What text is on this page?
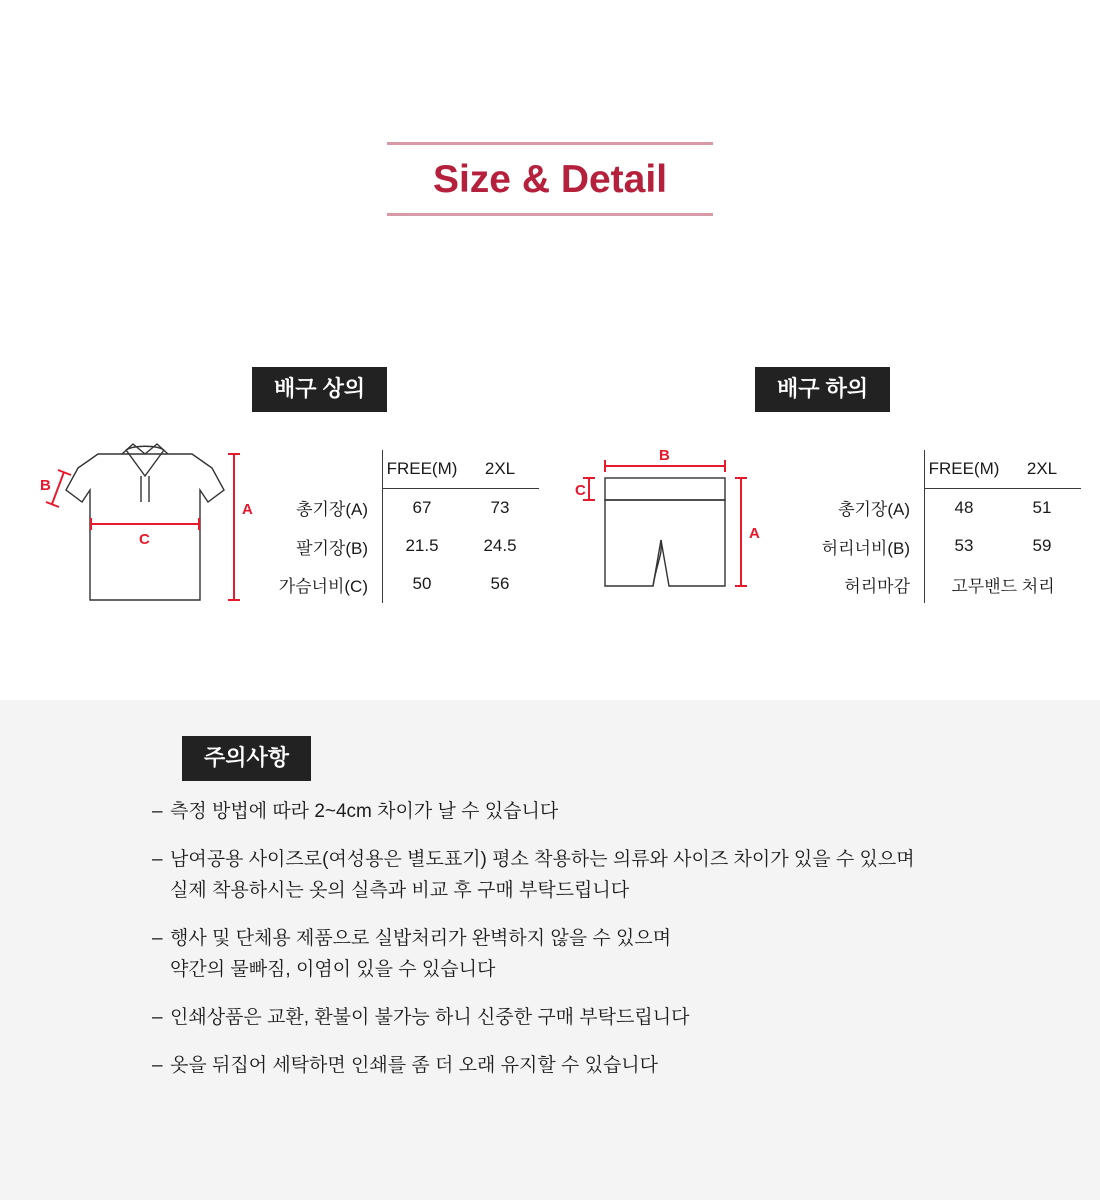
Size & Detail
배구 상의
A
B
C
	FREE(M)	2XL
총기장(A)	67	73
팔기장(B)	21.5	24.5
가슴너비(C)	50	56
배구 하의
B
C
A
	FREE(M)	2XL
총기장(A)	48	51
허리너비(B)	53	59
허리마감	고무밴드 처리	
주의사항
– 측정 방법에 따라 2~4cm 차이가 날 수 있습니다
– 남여공용 사이즈로(여성용은 별도표기) 평소 착용하는 의류와 사이즈 차이가 있을 수 있으며
실제 착용하시는 옷의 실측과 비교 후 구매 부탁드립니다
– 행사 및 단체용 제품으로 실밥처리가 완벽하지 않을 수 있으며
약간의 물빠짐, 이염이 있을 수 있습니다
– 인쇄상품은 교환, 환불이 불가능 하니 신중한 구매 부탁드립니다
– 옷을 뒤집어 세탁하면 인쇄를 좀 더 오래 유지할 수 있습니다
